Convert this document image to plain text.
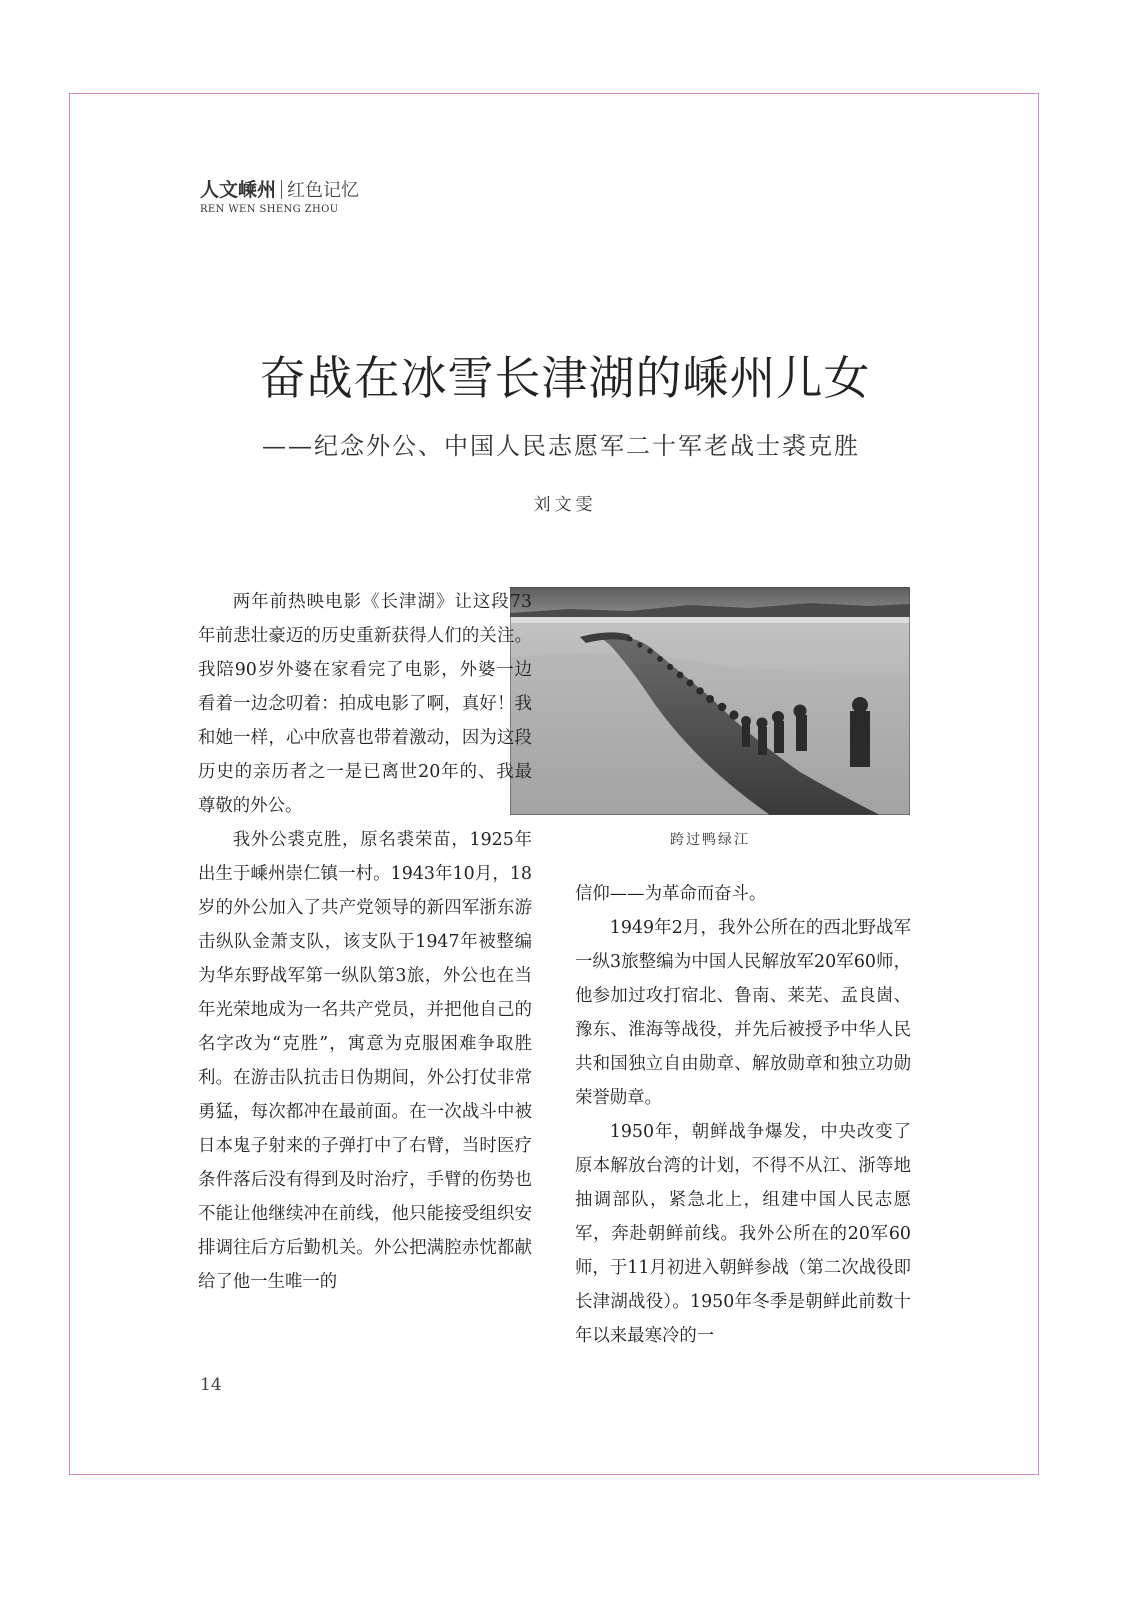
人文嵊州 红色记忆
REN WEN SHENG ZHOU
奋战在冰雪长津湖的嵊州儿女
——纪念外公、中国人民志愿军二十军老战士裘克胜
刘文雯
跨过鸭绿江

两年前热映电影《长津湖》让这段73年前悲壮豪迈的历史重新获得人们的关注。我陪90岁外婆在家看完了电影，外婆一边看着一边念叨着：拍成电影了啊，真好！我和她一样，心中欣喜也带着激动，因为这段历史的亲历者之一是已离世20年的、我最尊敬的外公。

我外公裘克胜，原名裘荣苗，1925年出生于嵊州崇仁镇一村。1943年10月，18岁的外公加入了共产党领导的新四军浙东游击纵队金萧支队，该支队于1947年被整编为华东野战军第一纵队第3旅，外公也在当年光荣地成为一名共产党员，并把他自己的名字改为“克胜”，寓意为克服困难争取胜利。在游击队抗击日伪期间，外公打仗非常勇猛，每次都冲在最前面。在一次战斗中被日本鬼子射来的子弹打中了右臂，当时医疗条件落后没有得到及时治疗，手臂的伤势也不能让他继续冲在前线，他只能接受组织安排调往后方后勤机关。外公把满腔赤忱都献给了他一生唯一的

信仰——为革命而奋斗。

1949年2月，我外公所在的西北野战军一纵3旅整编为中国人民解放军20军60师，他参加过攻打宿北、鲁南、莱芜、孟良崮、豫东、淮海等战役，并先后被授予中华人民共和国独立自由勋章、解放勋章和独立功勋荣誉勋章。

1950年，朝鲜战争爆发，中央改变了原本解放台湾的计划，不得不从江、浙等地抽调部队，紧急北上，组建中国人民志愿军，奔赴朝鲜前线。我外公所在的20军60师，于11月初进入朝鲜参战（第二次战役即长津湖战役）。1950年冬季是朝鲜此前数十年以来最寒冷的一

14
